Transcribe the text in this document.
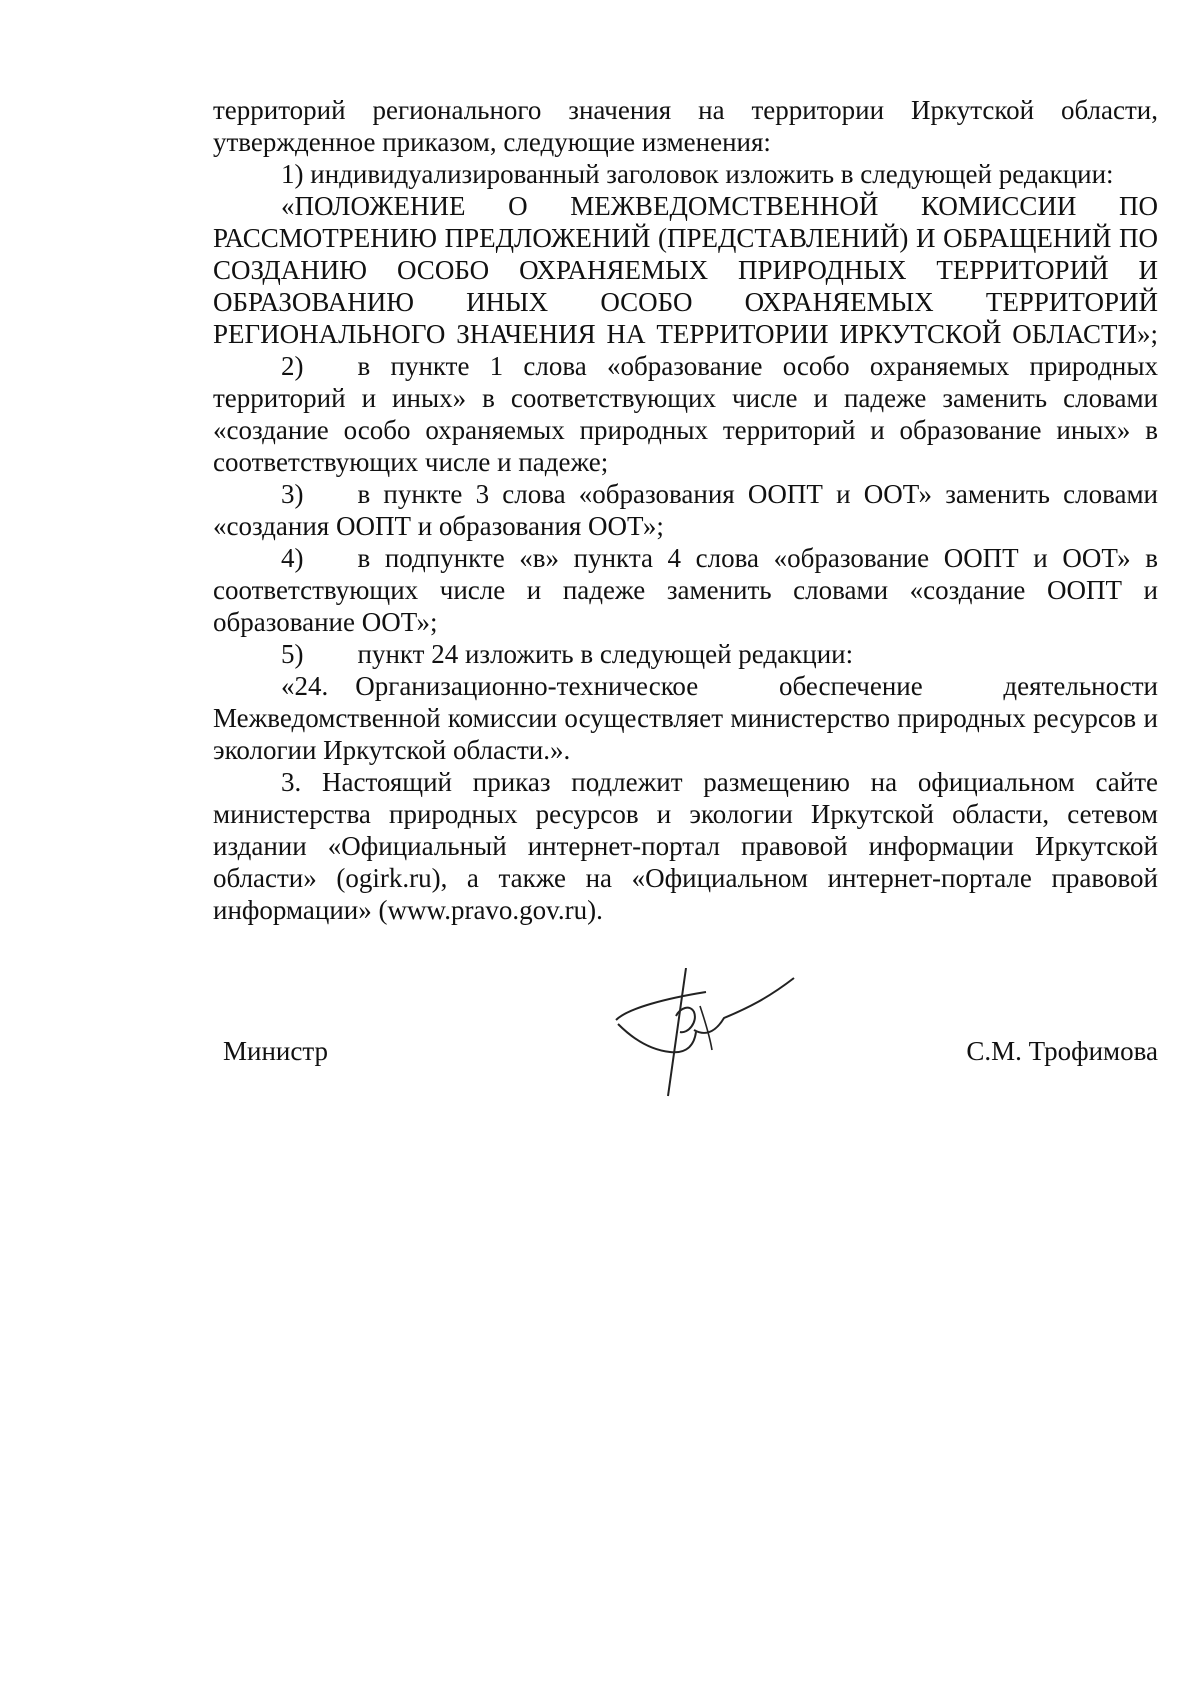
территорий регионального значения на территории Иркутской области, утвержденное приказом, следующие изменения:

1) индивидуализированный заголовок изложить в следующей редакции:

«ПОЛОЖЕНИЕ О МЕЖВЕДОМСТВЕННОЙ КОМИССИИ ПО РАССМОТРЕНИЮ ПРЕДЛОЖЕНИЙ (ПРЕДСТАВЛЕНИЙ) И ОБРАЩЕНИЙ ПО СОЗДАНИЮ ОСОБО ОХРАНЯЕМЫХ ПРИРОДНЫХ ТЕРРИТОРИЙ И ОБРАЗОВАНИЮ ИНЫХ ОСОБО ОХРАНЯЕМЫХ ТЕРРИТОРИЙ РЕГИОНАЛЬНОГО ЗНАЧЕНИЯ НА ТЕРРИТОРИИ ИРКУТСКОЙ ОБЛАСТИ»;

2)  в пункте 1 слова «образование особо охраняемых природных территорий и иных» в соответствующих числе и падеже заменить словами «создание особо охраняемых природных территорий и образование иных» в соответствующих числе и падеже;

3)  в пункте 3 слова «образования ООПТ и ООТ» заменить словами «создания ООПТ и образования ООТ»;

4)  в подпункте «в» пункта 4 слова «образование ООПТ и ООТ» в соответствующих числе и падеже заменить словами «создание ООПТ и образование ООТ»;

5)  пункт 24 изложить в следующей редакции:

«24. Организационно-техническое обеспечение деятельности Межведомственной комиссии осуществляет министерство природных ресурсов и экологии Иркутской области.».

3. Настоящий приказ подлежит размещению на официальном сайте министерства природных ресурсов и экологии Иркутской области, сетевом издании «Официальный интернет-портал правовой информации Иркутской области» (ogirk.ru), а также на «Официальном интернет-портале правовой информации» (www.pravo.gov.ru).

Министр	С.М. Трофимова
